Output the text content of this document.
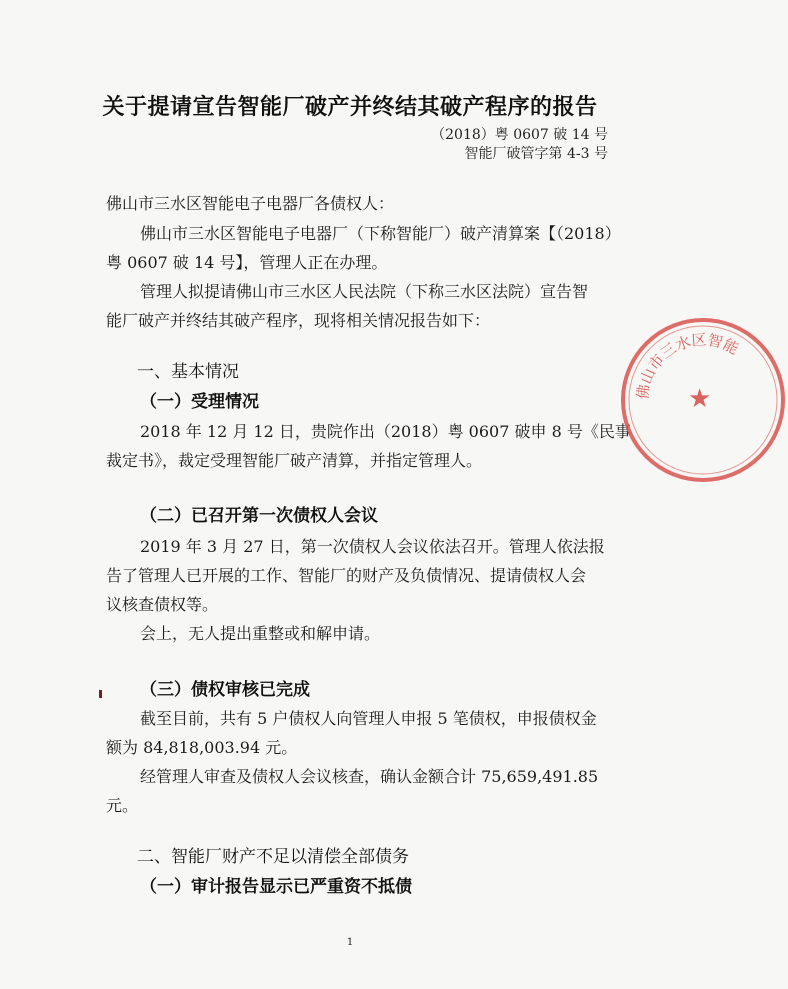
关于提请宣告智能厂破产并终结其破产程序的报告
（2018）粤 0607 破 14 号
智能厂破管字第 4-3 号
佛山市三水区智能电子电器厂各债权人：
佛山市三水区智能电子电器厂（下称智能厂）破产清算案【（2018）
粤 0607 破 14 号】，管理人正在办理。
管理人拟提请佛山市三水区人民法院（下称三水区法院）宣告智
能厂破产并终结其破产程序，现将相关情况报告如下：
一、基本情况
（一）受理情况
2018 年 12 月 12 日，贵院作出（2018）粤 0607 破申 8 号《民事
裁定书》，裁定受理智能厂破产清算，并指定管理人。
（二）已召开第一次债权人会议
2019 年 3 月 27 日，第一次债权人会议依法召开。管理人依法报
告了管理人已开展的工作、智能厂的财产及负债情况、提请债权人会
议核查债权等。
会上，无人提出重整或和解申请。
（三）债权审核已完成
截至目前，共有 5 户债权人向管理人申报 5 笔债权，申报债权金
额为 84,818,003.94 元。
经管理人审查及债权人会议核查，确认金额合计 75,659,491.85
元。
二、智能厂财产不足以清偿全部债务
（一）审计报告显示已严重资不抵债
1
佛山市三水区智能
★
